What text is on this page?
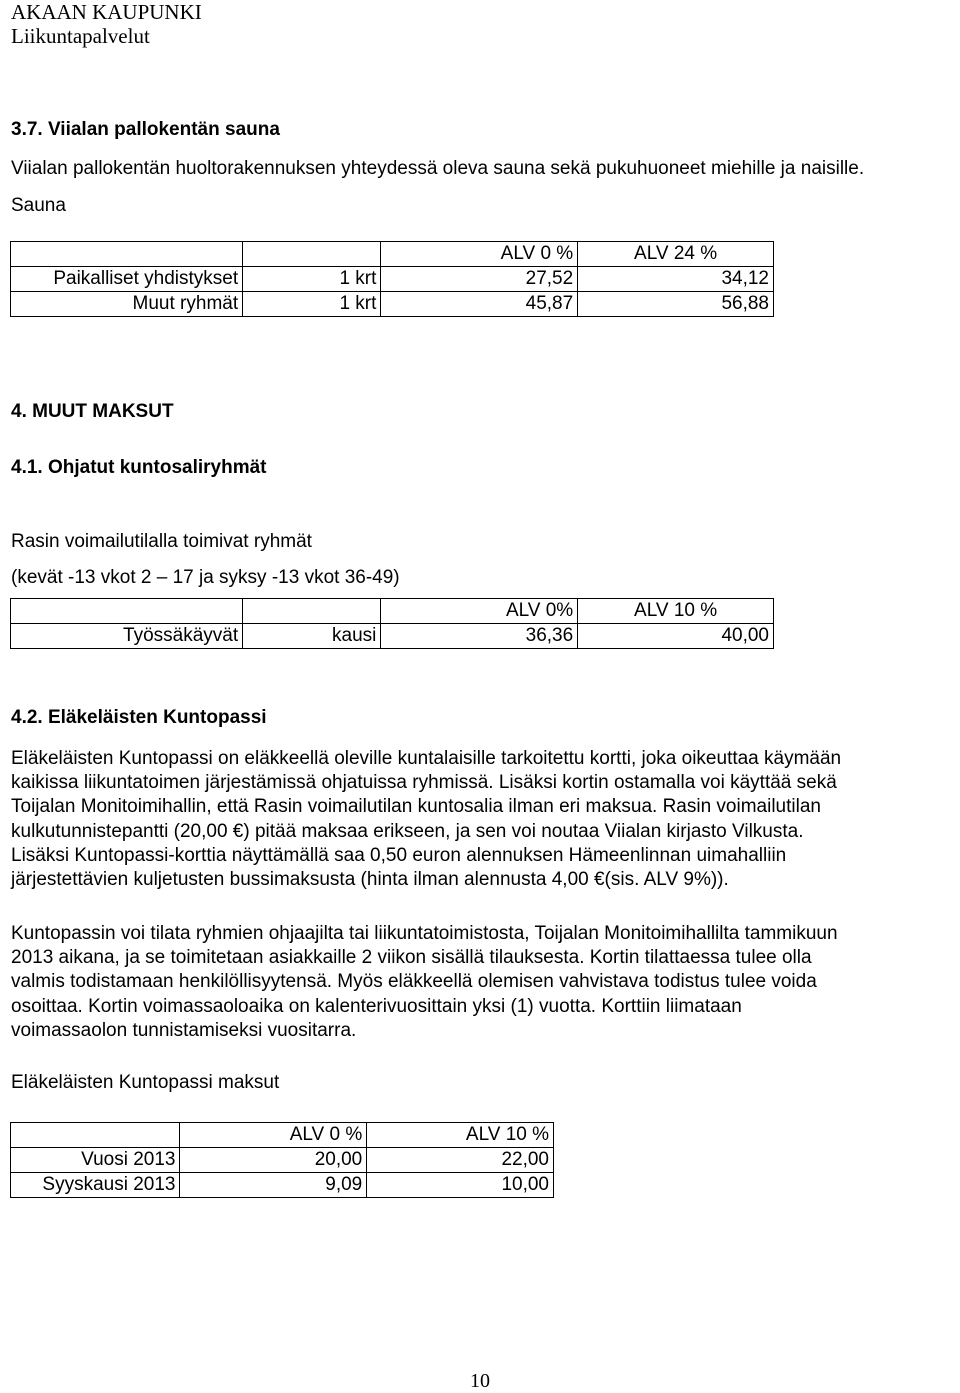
AKAAN KAUPUNKI
Liikuntapalvelut
3.7. Viialan pallokentän sauna
Viialan pallokentän huoltorakennuksen yhteydessä oleva sauna sekä pukuhuoneet miehille ja naisille.
Sauna
		ALV 0 %	ALV 24 %
Paikalliset yhdistykset	1 krt	27,52	34,12
Muut ryhmät	1 krt	45,87	56,88
4. MUUT MAKSUT
4.1. Ohjatut kuntosaliryhmät
Rasin voimailutilalla toimivat ryhmät
(kevät -13 vkot 2 – 17 ja syksy -13 vkot 36-49)
		ALV 0%	ALV 10 %
Työssäkäyvät	kausi	36,36	40,00
4.2. Eläkeläisten Kuntopassi
Eläkeläisten Kuntopassi on eläkkeellä oleville kuntalaisille tarkoitettu kortti, joka oikeuttaa käymään
kaikissa liikuntatoimen järjestämissä ohjatuissa ryhmissä. Lisäksi kortin ostamalla voi käyttää sekä
Toijalan Monitoimihallin, että Rasin voimailutilan kuntosalia ilman eri maksua. Rasin voimailutilan
kulkutunnistepantti (20,00 €) pitää maksaa erikseen, ja sen voi noutaa Viialan kirjasto Vilkusta.
Lisäksi Kuntopassi-korttia näyttämällä saa 0,50 euron alennuksen Hämeenlinnan uimahalliin
järjestettävien kuljetusten bussimaksusta (hinta ilman alennusta 4,00 €(sis. ALV 9%)).
Kuntopassin voi tilata ryhmien ohjaajilta tai liikuntatoimistosta, Toijalan Monitoimihallilta tammikuun
2013 aikana, ja se toimitetaan asiakkaille 2 viikon sisällä tilauksesta. Kortin tilattaessa tulee olla
valmis todistamaan henkilöllisyytensä. Myös eläkkeellä olemisen vahvistava todistus tulee voida
osoittaa. Kortin voimassaoloaika on kalenterivuosittain yksi (1) vuotta. Korttiin liimataan
voimassaolon tunnistamiseksi vuositarra.
Eläkeläisten Kuntopassi maksut
	ALV 0 %	ALV 10 %
Vuosi 2013	20,00	22,00
Syyskausi 2013	9,09	10,00
10
